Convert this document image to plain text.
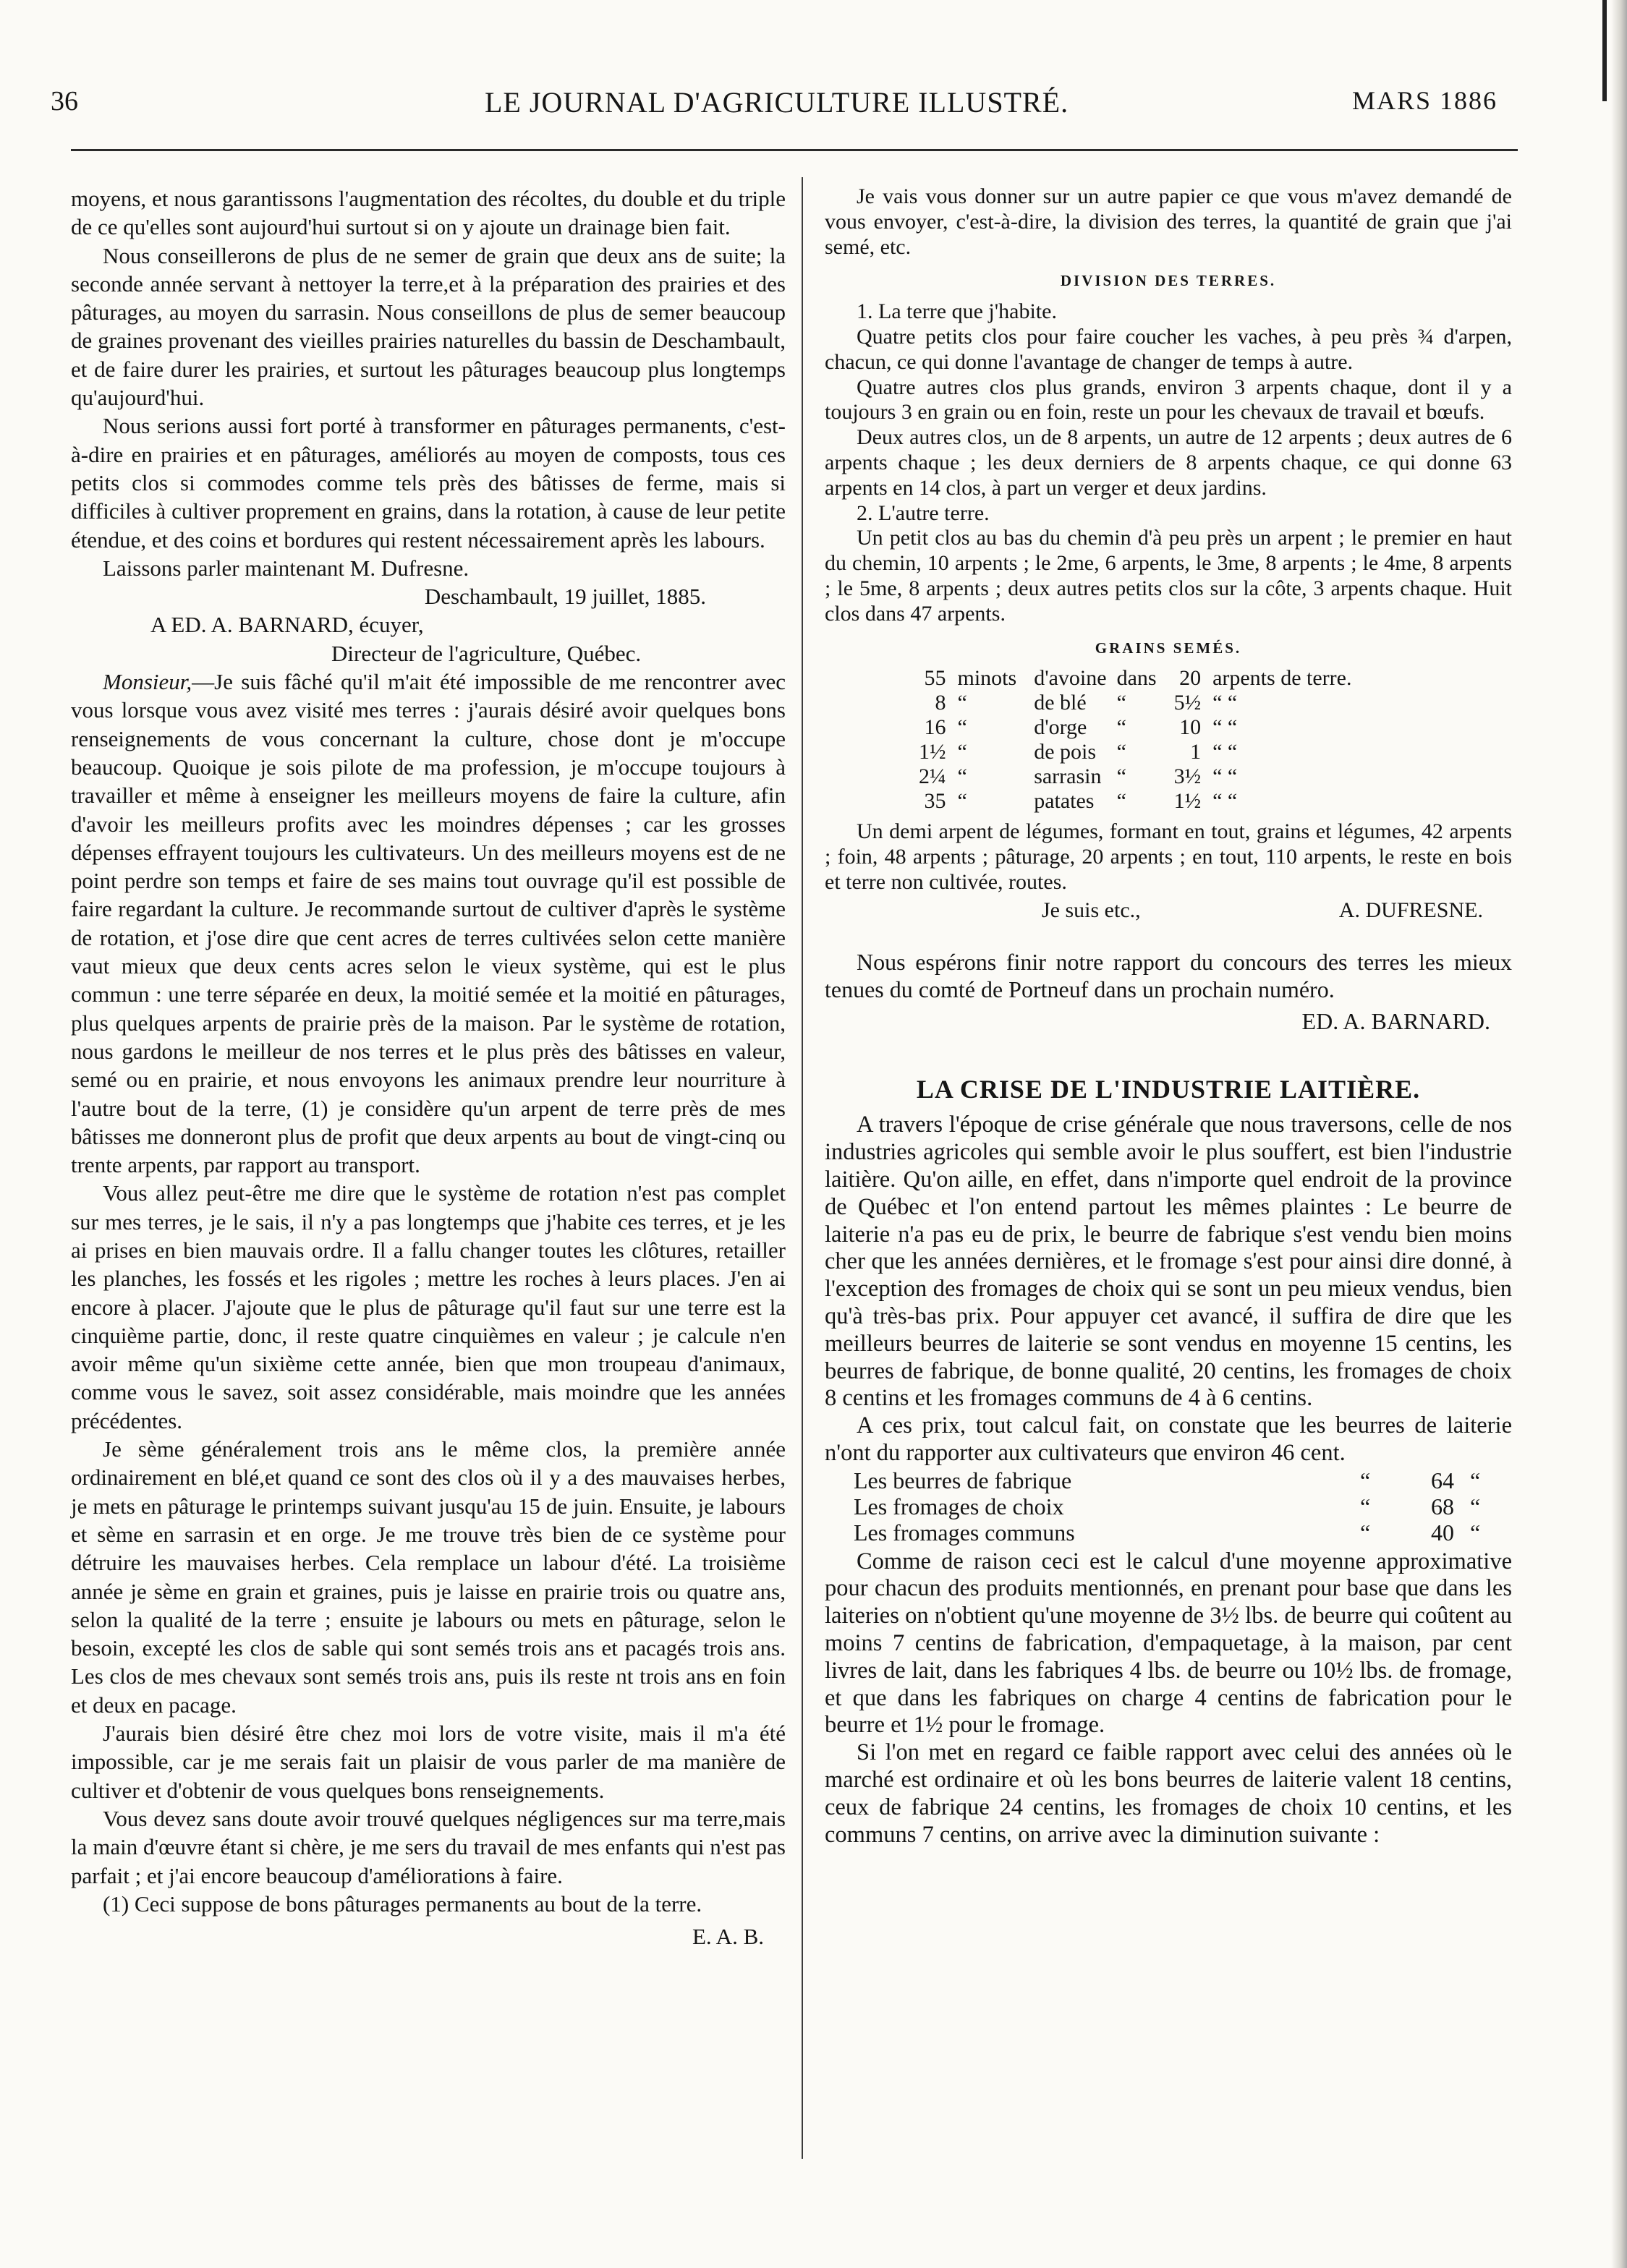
36	LE JOURNAL D'AGRICULTURE ILLUSTRÉ.	MARS 1886

moyens, et nous garantissons l'augmentation des récoltes, du double et du triple de ce qu'elles sont aujourd'hui surtout si on y ajoute un drainage bien fait.

Nous conseillerons de plus de ne semer de grain que deux ans de suite; la seconde année servant à nettoyer la terre,et à la préparation des prairies et des pâturages, au moyen du sarrasin. Nous conseillons de plus de semer beaucoup de graines provenant des vieilles prairies naturelles du bassin de Deschambault, et de faire durer les prairies, et surtout les pâturages beaucoup plus longtemps qu'aujourd'hui.

Nous serions aussi fort porté à transformer en pâturages permanents, c'est-à-dire en prairies et en pâturages, améliorés au moyen de composts, tous ces petits clos si commodes comme tels près des bâtisses de ferme, mais si difficiles à cultiver proprement en grains, dans la rotation, à cause de leur petite étendue, et des coins et bordures qui restent nécessairement après les labours.

Laissons parler maintenant M. Dufresne.

Deschambault, 19 juillet, 1885.

A ED. A. BARNARD, écuyer,

Directeur de l'agriculture, Québec.

Monsieur,—Je suis fâché qu'il m'ait été impossible de me rencontrer avec vous lorsque vous avez visité mes terres : j'aurais désiré avoir quelques bons renseignements de vous concernant la culture, chose dont je m'occupe beaucoup. Quoique je sois pilote de ma profession, je m'occupe toujours à travailler et même à enseigner les meilleurs moyens de faire la culture, afin d'avoir les meilleurs profits avec les moindres dépenses ; car les grosses dépenses effrayent toujours les cultivateurs. Un des meilleurs moyens est de ne point perdre son temps et faire de ses mains tout ouvrage qu'il est possible de faire regardant la culture. Je recommande surtout de cultiver d'après le système de rotation, et j'ose dire que cent acres de terres cultivées selon cette manière vaut mieux que deux cents acres selon le vieux système, qui est le plus commun : une terre séparée en deux, la moitié semée et la moitié en pâturages, plus quelques arpents de prairie près de la maison. Par le système de rotation, nous gardons le meilleur de nos terres et le plus près des bâtisses en valeur, semé ou en prairie, et nous envoyons les animaux prendre leur nourriture à l'autre bout de la terre, (1) je considère qu'un arpent de terre près de mes bâtisses me donneront plus de profit que deux arpents au bout de vingt-cinq ou trente arpents, par rapport au transport.

Vous allez peut-être me dire que le système de rotation n'est pas complet sur mes terres, je le sais, il n'y a pas longtemps que j'habite ces terres, et je les ai prises en bien mauvais ordre. Il a fallu changer toutes les clôtures, retailler les planches, les fossés et les rigoles ; mettre les roches à leurs places. J'en ai encore à placer. J'ajoute que le plus de pâturage qu'il faut sur une terre est la cinquième partie, donc, il reste quatre cinquièmes en valeur ; je calcule n'en avoir même qu'un sixième cette année, bien que mon troupeau d'animaux, comme vous le savez, soit assez considérable, mais moindre que les années précédentes.

Je sème généralement trois ans le même clos, la première année ordinairement en blé,et quand ce sont des clos où il y a des mauvaises herbes, je mets en pâturage le printemps suivant jusqu'au 15 de juin. Ensuite, je labours et sème en sarrasin et en orge. Je me trouve très bien de ce système pour détruire les mauvaises herbes. Cela remplace un labour d'été. La troisième année je sème en grain et graines, puis je laisse en prairie trois ou quatre ans, selon la qualité de la terre ; ensuite je labours ou mets en pâturage, selon le besoin, excepté les clos de sable qui sont semés trois ans et pacagés trois ans. Les clos de mes chevaux sont semés trois ans, puis ils reste nt trois ans en foin et deux en pacage.

J'aurais bien désiré être chez moi lors de votre visite, mais il m'a été impossible, car je me serais fait un plaisir de vous parler de ma manière de cultiver et d'obtenir de vous quelques bons renseignements.

Vous devez sans doute avoir trouvé quelques négligences sur ma terre,mais la main d'œuvre étant si chère, je me sers du travail de mes enfants qui n'est pas parfait ; et j'ai encore beaucoup d'améliorations à faire.

(1) Ceci suppose de bons pâturages permanents au bout de la terre.

E. A. B.

Je vais vous donner sur un autre papier ce que vous m'avez demandé de vous envoyer, c'est-à-dire, la division des terres, la quantité de grain que j'ai semé, etc.

DIVISION DES TERRES.

1. La terre que j'habite.

Quatre petits clos pour faire coucher les vaches, à peu près ¾ d'arpen, chacun, ce qui donne l'avantage de changer de temps à autre.

Quatre autres clos plus grands, environ 3 arpents chaque, dont il y a toujours 3 en grain ou en foin, reste un pour les chevaux de travail et bœufs.

Deux autres clos, un de 8 arpents, un autre de 12 arpents ; deux autres de 6 arpents chaque ; les deux derniers de 8 arpents chaque, ce qui donne 63 arpents en 14 clos, à part un verger et deux jardins.

2. L'autre terre.

Un petit clos au bas du chemin d'à peu près un arpent ; le premier en haut du chemin, 10 arpents ; le 2me, 6 arpents, le 3me, 8 arpents ; le 4me, 8 arpents ; le 5me, 8 arpents ; deux autres petits clos sur la côte, 3 arpents chaque. Huit clos dans 47 arpents.

GRAINS SEMÉS.

55	minots	d'avoine	dans	20	arpents de terre.
8	“	de blé	“	5½	“ “
16	“	d'orge	“	10	“ “
1½	“	de pois	“	1	“ “
2¼	“	sarrasin	“	3½	“ “
35	“	patates	“	1½	“ “

Un demi arpent de légumes, formant en tout, grains et légumes, 42 arpents ; foin, 48 arpents ; pâturage, 20 arpents ; en tout, 110 arpents, le reste en bois et terre non cultivée, routes.

Je suis etc.,	A. DUFRESNE.

Nous espérons finir notre rapport du concours des terres les mieux tenues du comté de Portneuf dans un prochain numéro.

ED. A. BARNARD.

LA CRISE DE L'INDUSTRIE LAITIÈRE.

A travers l'époque de crise générale que nous traversons, celle de nos industries agricoles qui semble avoir le plus souffert, est bien l'industrie laitière. Qu'on aille, en effet, dans n'importe quel endroit de la province de Québec et l'on entend partout les mêmes plaintes : Le beurre de laiterie n'a pas eu de prix, le beurre de fabrique s'est vendu bien moins cher que les années dernières, et le fromage s'est pour ainsi dire donné, à l'exception des fromages de choix qui se sont un peu mieux vendus, bien qu'à très-bas prix. Pour appuyer cet avancé, il suffira de dire que les meilleurs beurres de laiterie se sont vendus en moyenne 15 centins, les beurres de fabrique, de bonne qualité, 20 centins, les fromages de choix 8 centins et les fromages communs de 4 à 6 centins.

A ces prix, tout calcul fait, on constate que les beurres de laiterie n'ont du rapporter aux cultivateurs que environ 46 cent.

Les beurres de fabrique	“	64	“
Les fromages de choix	“	68	“
Les fromages communs	“	40	“

Comme de raison ceci est le calcul d'une moyenne approximative pour chacun des produits mentionnés, en prenant pour base que dans les laiteries on n'obtient qu'une moyenne de 3½ lbs. de beurre qui coûtent au moins 7 centins de fabrication, d'empaquetage, à la maison, par cent livres de lait, dans les fabriques 4 lbs. de beurre ou 10½ lbs. de fromage, et que dans les fabriques on charge 4 centins de fabrication pour le beurre et 1½ pour le fromage.

Si l'on met en regard ce faible rapport avec celui des années où le marché est ordinaire et où les bons beurres de laiterie valent 18 centins, ceux de fabrique 24 centins, les fromages de choix 10 centins, et les communs 7 centins, on arrive avec la diminution suivante :
